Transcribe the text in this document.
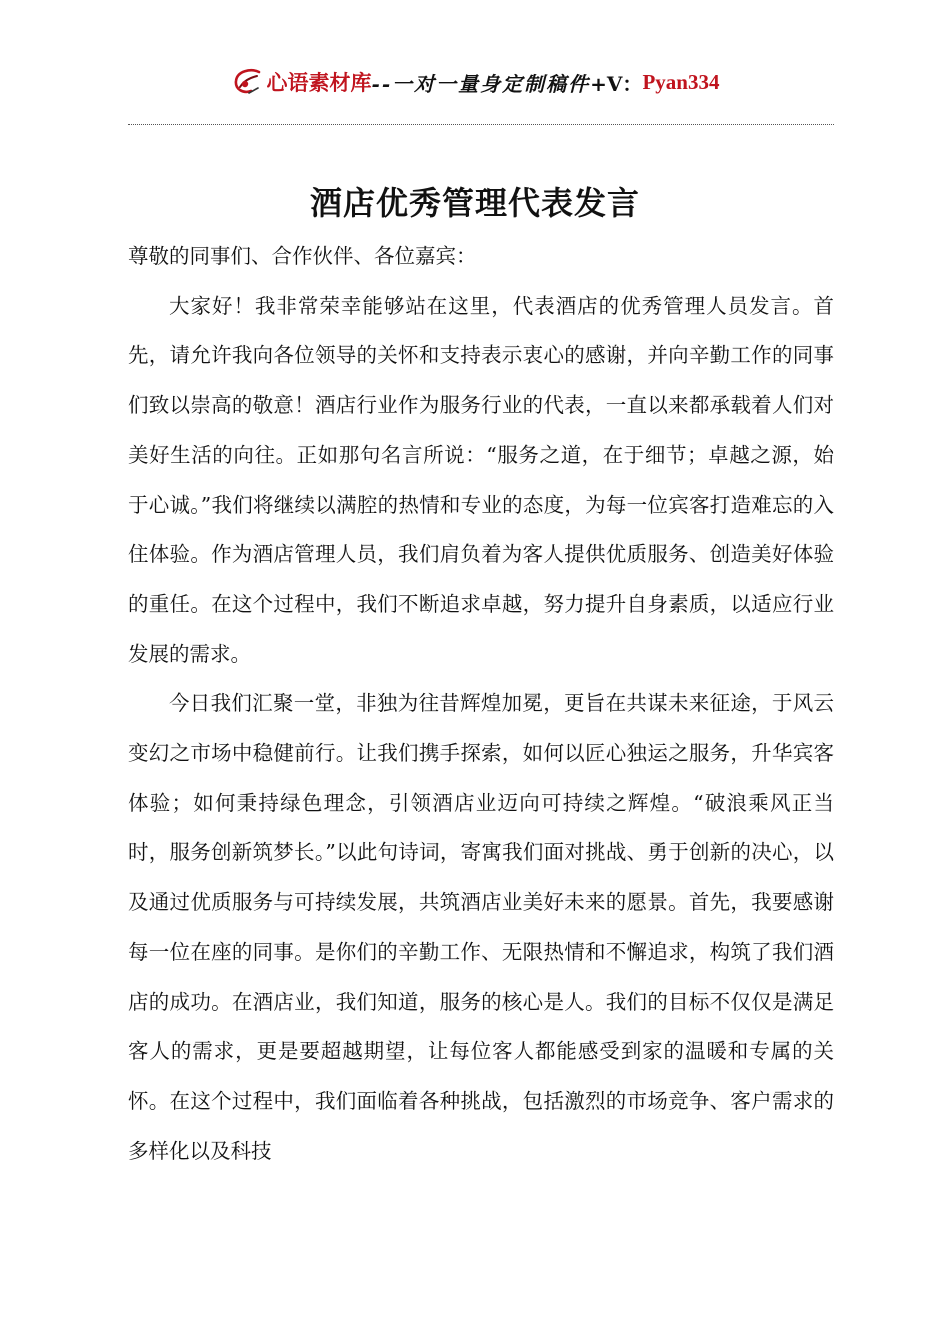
心语素材库 --一对一量身定制稿件 +V： Pyan334
酒店优秀管理代表发言

尊敬的同事们、合作伙伴、各位嘉宾：

大家好！我非常荣幸能够站在这里，代表酒店的优秀管理人员发言。首先，请允许我向各位领导的关怀和支持表示衷心的感谢，并向辛勤工作的同事们致以崇高的敬意！酒店行业作为服务行业的代表，一直以来都承载着人们对美好生活的向往。正如那句名言所说：“服务之道，在于细节；卓越之源，始于心诚。”我们将继续以满腔的热情和专业的态度，为每一位宾客打造难忘的入住体验。作为酒店管理人员，我们肩负着为客人提供优质服务、创造美好体验的重任。在这个过程中，我们不断追求卓越，努力提升自身素质，以适应行业发展的需求。

今日我们汇聚一堂，非独为往昔辉煌加冕，更旨在共谋未来征途，于风云变幻之市场中稳健前行。让我们携手探索，如何以匠心独运之服务，升华宾客体验；如何秉持绿色理念，引领酒店业迈向可持续之辉煌。“破浪乘风正当时，服务创新筑梦长。”以此句诗词，寄寓我们面对挑战、勇于创新的决心，以及通过优质服务与可持续发展，共筑酒店业美好未来的愿景。首先，我要感谢每一位在座的同事。是你们的辛勤工作、无限热情和不懈追求，构筑了我们酒店的成功。在酒店业，我们知道，服务的核心是人。我们的目标不仅仅是满足客人的需求，更是要超越期望，让每位客人都能感受到家的温暖和专属的关怀。在这个过程中，我们面临着各种挑战，包括激烈的市场竞争、客户需求的多样化以及科技
